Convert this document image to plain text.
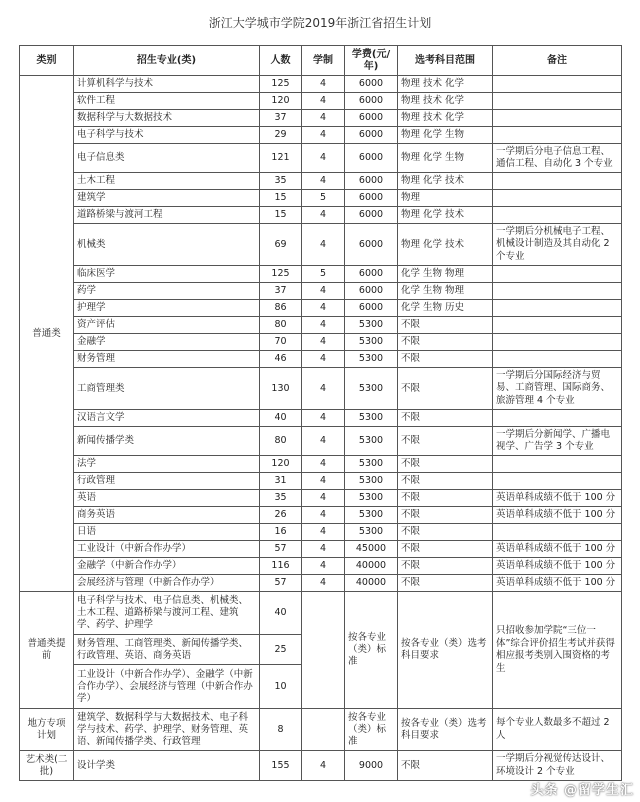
浙江大学城市学院2019年浙江省招生计划
类别	招生专业(类)	人数	学制	学费(元/年)	选考科目范围	备注
普通类	计算机科学与技术	125	4	6000	物理 技术 化学	
	软件工程	120	4	6000	物理 技术 化学	
	数据科学与大数据技术	37	4	6000	物理 技术 化学	
	电子科学与技术	29	4	6000	物理 化学 生物	
	电子信息类	121	4	6000	物理 化学 生物	一学期后分电子信息工程、通信工程、自动化 3 个专业
	土木工程	35	4	6000	物理 化学 技术	
	建筑学	15	5	6000	物理	
	道路桥梁与渡河工程	15	4	6000	物理 化学 技术	
	机械类	69	4	6000	物理 化学 技术	一学期后分机械电子工程、机械设计制造及其自动化 2 个专业
	临床医学	125	5	6000	化学 生物 物理	
	药学	37	4	6000	化学 生物 物理	
	护理学	86	4	6000	化学 生物 历史	
	资产评估	80	4	5300	不限	
	金融学	70	4	5300	不限	
	财务管理	46	4	5300	不限	
	工商管理类	130	4	5300	不限	一学期后分国际经济与贸易、工商管理、国际商务、旅游管理 4 个专业
	汉语言文学	40	4	5300	不限	
	新闻传播学类	80	4	5300	不限	一学期后分新闻学、广播电视学、广告学 3 个专业
	法学	120	4	5300	不限	
	行政管理	31	4	5300	不限	
	英语	35	4	5300	不限	英语单科成绩不低于 100 分
	商务英语	26	4	5300	不限	英语单科成绩不低于 100 分
	日语	16	4	5300	不限	
	工业设计（中新合作办学）	57	4	45000	不限	英语单科成绩不低于 100 分
	金融学（中新合作办学）	116	4	40000	不限	英语单科成绩不低于 100 分
	会展经济与管理（中新合作办学）	57	4	40000	不限	英语单科成绩不低于 100 分
普通类提前	电子科学与技术、电子信息类、机械类、土木工程、道路桥梁与渡河工程、建筑学、药学、护理学	40		按各专业（类）标准	按各专业（类）选考科目要求	只招收参加学院“三位一体”综合评价招生考试并获得相应报考类别入围资格的考生
	财务管理、工商管理类、新闻传播学类、行政管理、英语、商务英语	25				
	工业设计（中新合作办学）、金融学（中新合作办学）、会展经济与管理（中新合作办学）	10				
地方专项计划	建筑学、数据科学与大数据技术、电子科学与技术、药学、护理学、财务管理、英语、新闻传播学类、行政管理	8		按各专业（类）标准	按各专业（类）选考科目要求	每个专业人数最多不超过 2 人
艺术类(二批)	设计学类	155	4	9000	不限	一学期后分视觉传达设计、环境设计 2 个专业
头条 @留学生汇
